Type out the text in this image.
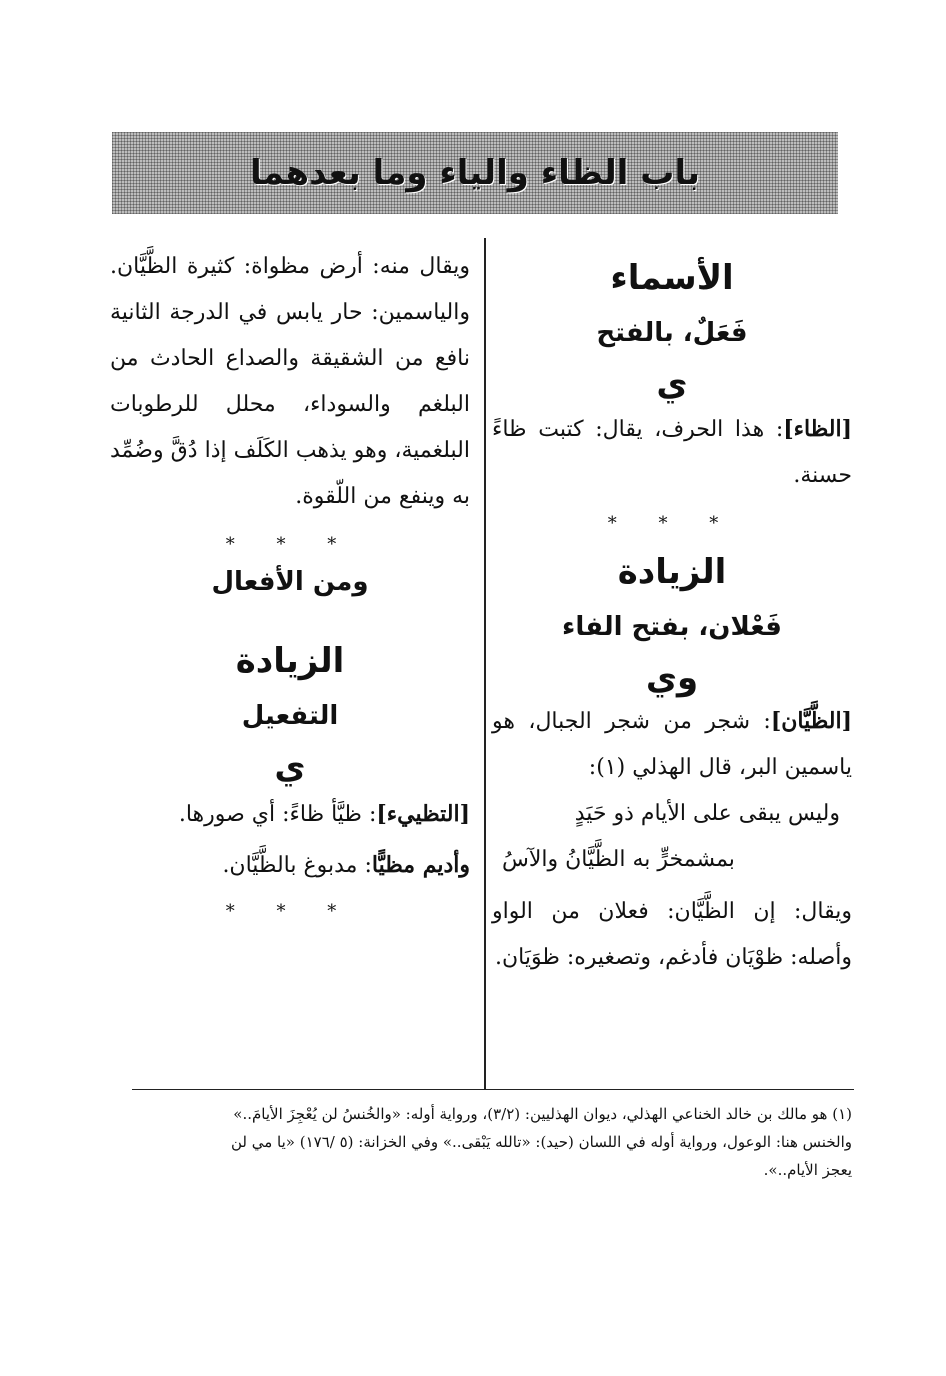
باب الظاء والياء وما بعدهما

الأسماء

فَعَلٌ، بالفتح

ي

[الظاء]: هذا الحرف، يقال: كتبت ظاءً حسنة.

* * *

الزيادة

فَعْلان، بفتح الفاء

وي

[الظَّيَّان]: شجر من شجر الجبال، هو ياسمين البر، قال الهذلي (١):

وليس يبقى على الأيام ذو حَيَدٍ

بمشمخرٍّ به الظَّيَّانُ والآسُ

ويقال: إن الظَّيَّان: فعلان من الواو وأصله: ظوْيَان فأدغم، وتصغيره: ظوَيَان.

ويقال منه: أرض مظواة: كثيرة الظَّيَّان. والياسمين: حار يابس في الدرجة الثانية نافع من الشقيقة والصداع الحادث من البلغم والسوداء، محلل للرطوبات البلغمية، وهو يذهب الكَلَف إذا دُقَّ وضُمِّد به وينفع من اللّقوة.

* * *

ومن الأفعال

الزيادة

التفعيل

ي

[التظييء]: ظيَّأ ظاءً: أي صورها.

وأديم مظيًّا: مدبوغ بالظَّيَّان.

* * *

(١) هو مالك بن خالد الخناعي الهذلي، ديوان الهذليين: (٣/٢)، ورواية أوله: «والخُنسُ لن يُعْجِزَ الأيامَ..»

والخنس هنا: الوعول، ورواية أوله في اللسان (حيد): «تالله يَبْقى..» وفي الخزانة: (٥ /١٧٦) «يا مي لن

يعجز الأيام..».
